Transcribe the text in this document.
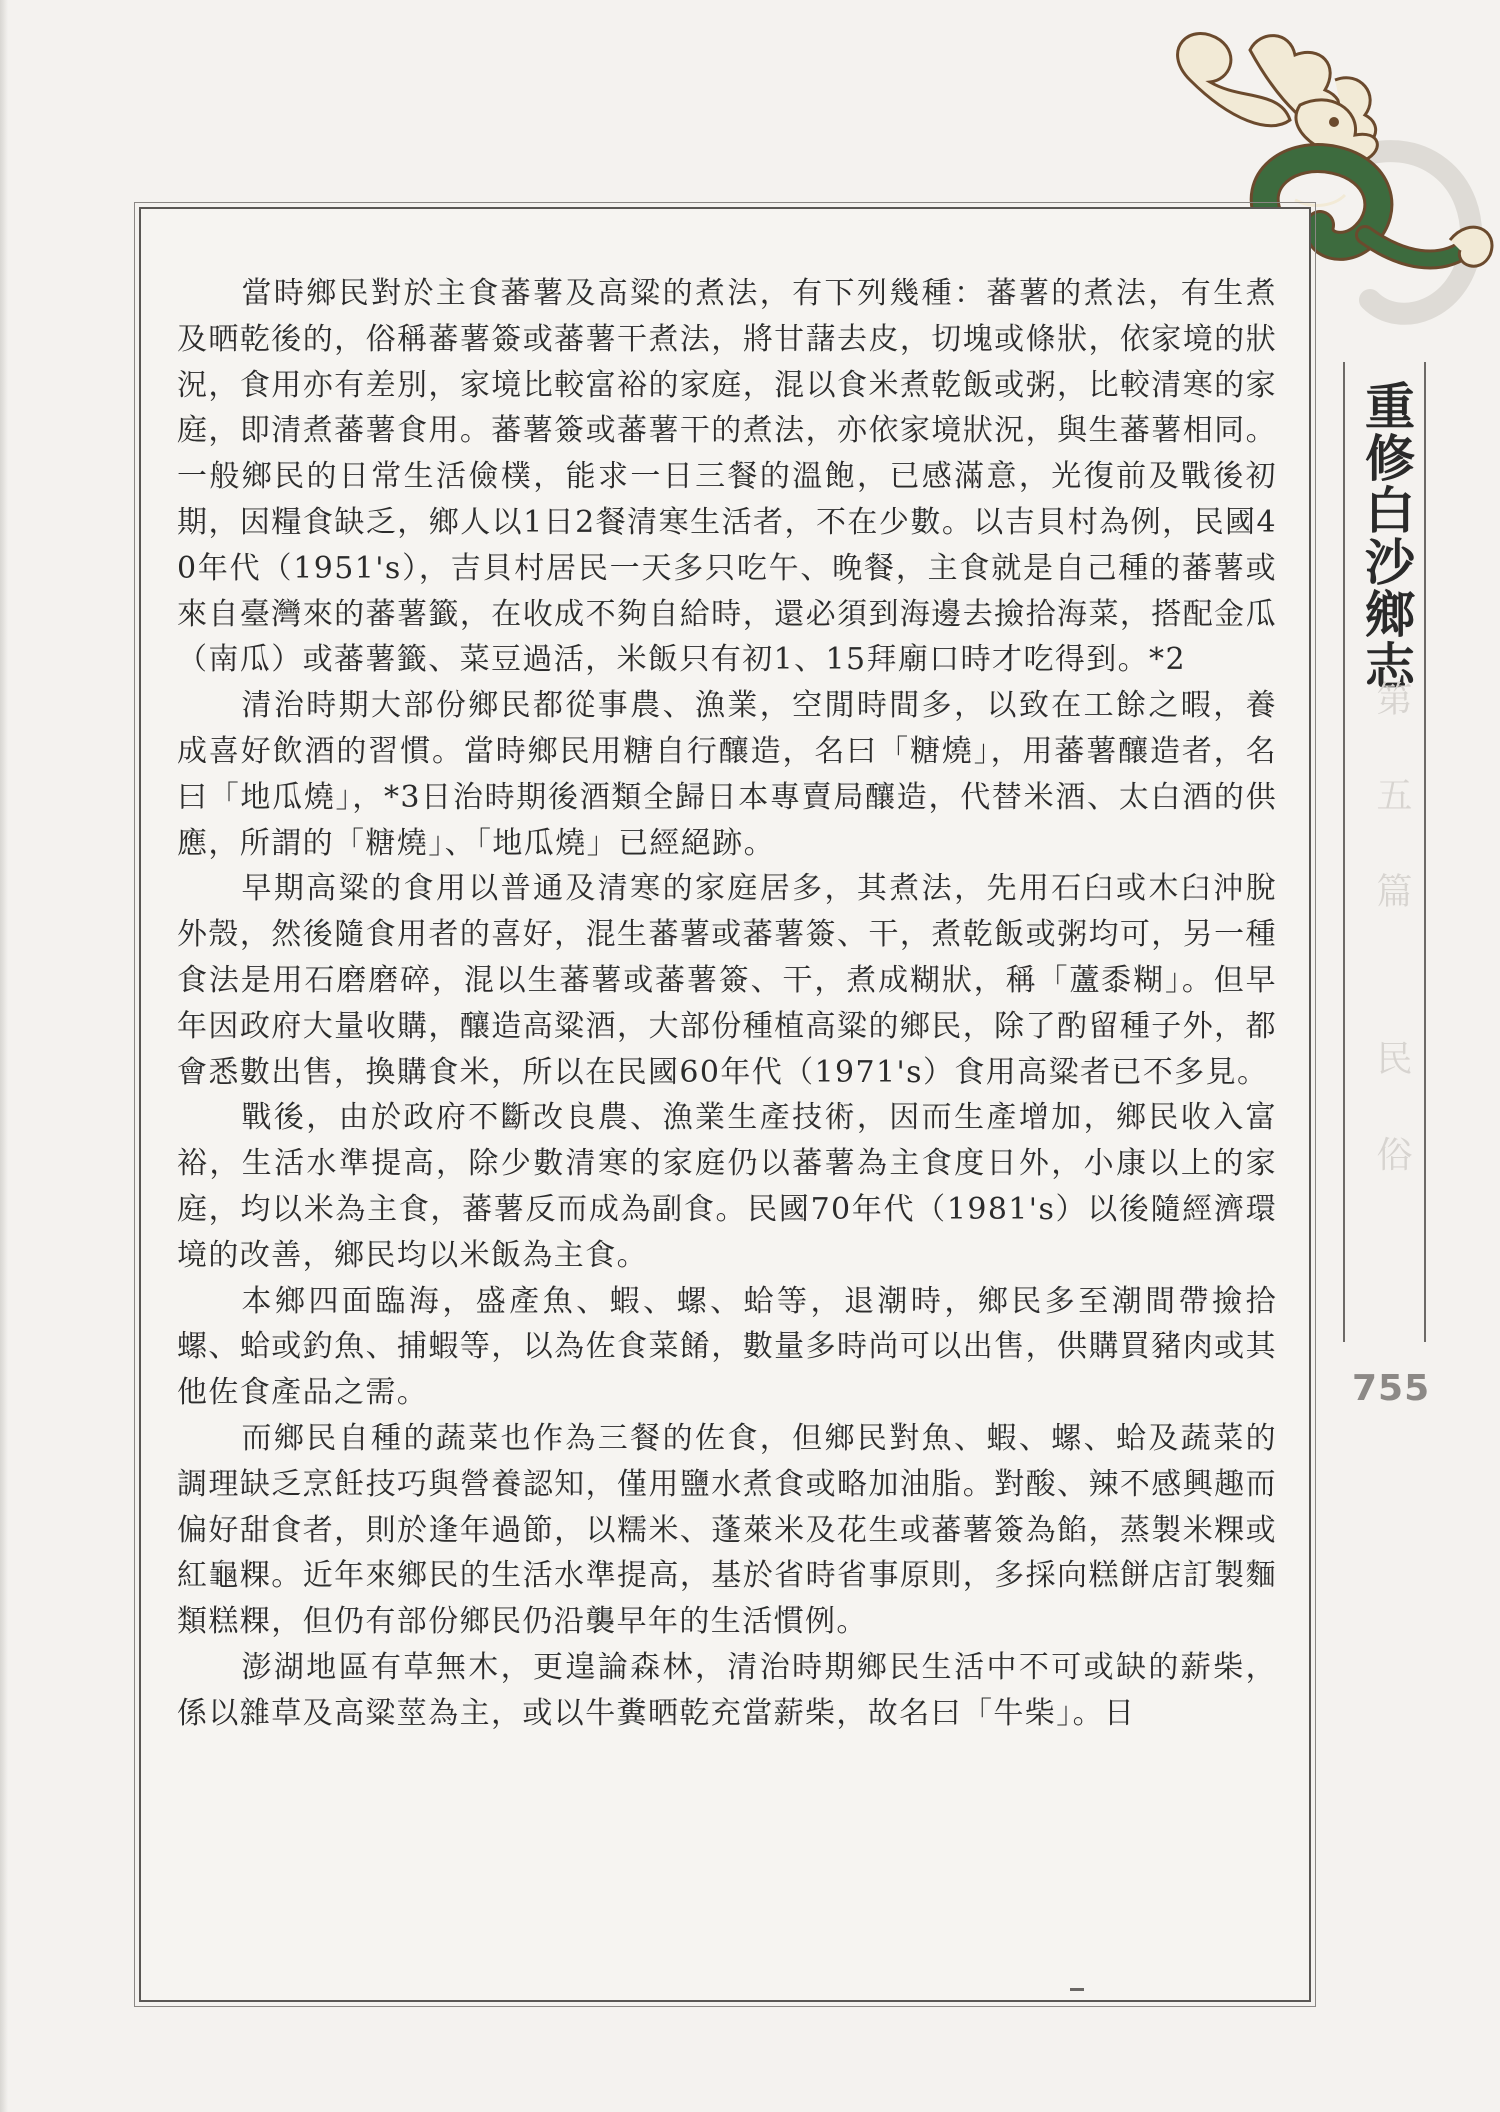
當時鄉民對於主食蕃薯及高粱的煮法，有下列幾種：蕃薯的煮法，有生煮及晒乾後的，俗稱蕃薯簽或蕃薯干煮法，將甘藷去皮，切塊或條狀，依家境的狀況，食用亦有差別，家境比較富裕的家庭，混以食米煮乾飯或粥，比較清寒的家庭，即清煮蕃薯食用。蕃薯簽或蕃薯干的煮法，亦依家境狀況，與生蕃薯相同。一般鄉民的日常生活儉樸，能求一日三餐的溫飽，已感滿意，光復前及戰後初期，因糧食缺乏，鄉人以1日2餐清寒生活者，不在少數。以吉貝村為例，民國40年代（1951's），吉貝村居民一天多只吃午、晚餐，主食就是自己種的蕃薯或來自臺灣來的蕃薯籤，在收成不夠自給時，還必須到海邊去撿拾海菜，搭配金瓜（南瓜）或蕃薯籤、菜豆過活，米飯只有初1、15拜廟口時才吃得到。*2

清治時期大部份鄉民都從事農、漁業，空閒時間多，以致在工餘之暇，養成喜好飲酒的習慣。當時鄉民用糖自行釀造，名曰「糖燒」，用蕃薯釀造者，名曰「地瓜燒」，*3日治時期後酒類全歸日本專賣局釀造，代替米酒、太白酒的供應，所謂的「糖燒」、「地瓜燒」已經絕跡。

早期高粱的食用以普通及清寒的家庭居多，其煮法，先用石臼或木臼沖脫外殼，然後隨食用者的喜好，混生蕃薯或蕃薯簽、干，煮乾飯或粥均可，另一種食法是用石磨磨碎，混以生蕃薯或蕃薯簽、干，煮成糊狀，稱「蘆黍糊」。但早年因政府大量收購，釀造高粱酒，大部份種植高粱的鄉民，除了酌留種子外，都會悉數出售，換購食米，所以在民國60年代（1971's）食用高粱者已不多見。

戰後，由於政府不斷改良農、漁業生產技術，因而生產增加，鄉民收入富裕，生活水準提高，除少數清寒的家庭仍以蕃薯為主食度日外，小康以上的家庭，均以米為主食，蕃薯反而成為副食。民國70年代（1981's）以後隨經濟環境的改善，鄉民均以米飯為主食。

本鄉四面臨海，盛產魚、蝦、螺、蛤等，退潮時，鄉民多至潮間帶撿拾螺、蛤或釣魚、捕蝦等，以為佐食菜餚，數量多時尚可以出售，供購買豬肉或其他佐食產品之需。

而鄉民自種的蔬菜也作為三餐的佐食，但鄉民對魚、蝦、螺、蛤及蔬菜的調理缺乏烹飪技巧與營養認知，僅用鹽水煮食或略加油脂。對酸、辣不感興趣而偏好甜食者，則於逢年過節，以糯米、蓬萊米及花生或蕃薯簽為餡，蒸製米粿或紅龜粿。近年來鄉民的生活水準提高，基於省時省事原則，多採向糕餅店訂製麵類糕粿，但仍有部份鄉民仍沿襲早年的生活慣例。

澎湖地區有草無木，更遑論森林，清治時期鄉民生活中不可或缺的薪柴，係以雜草及高粱莖為主，或以牛糞晒乾充當薪柴，故名曰「牛柴」。日

重修白沙鄉志
第五篇 民俗
755
